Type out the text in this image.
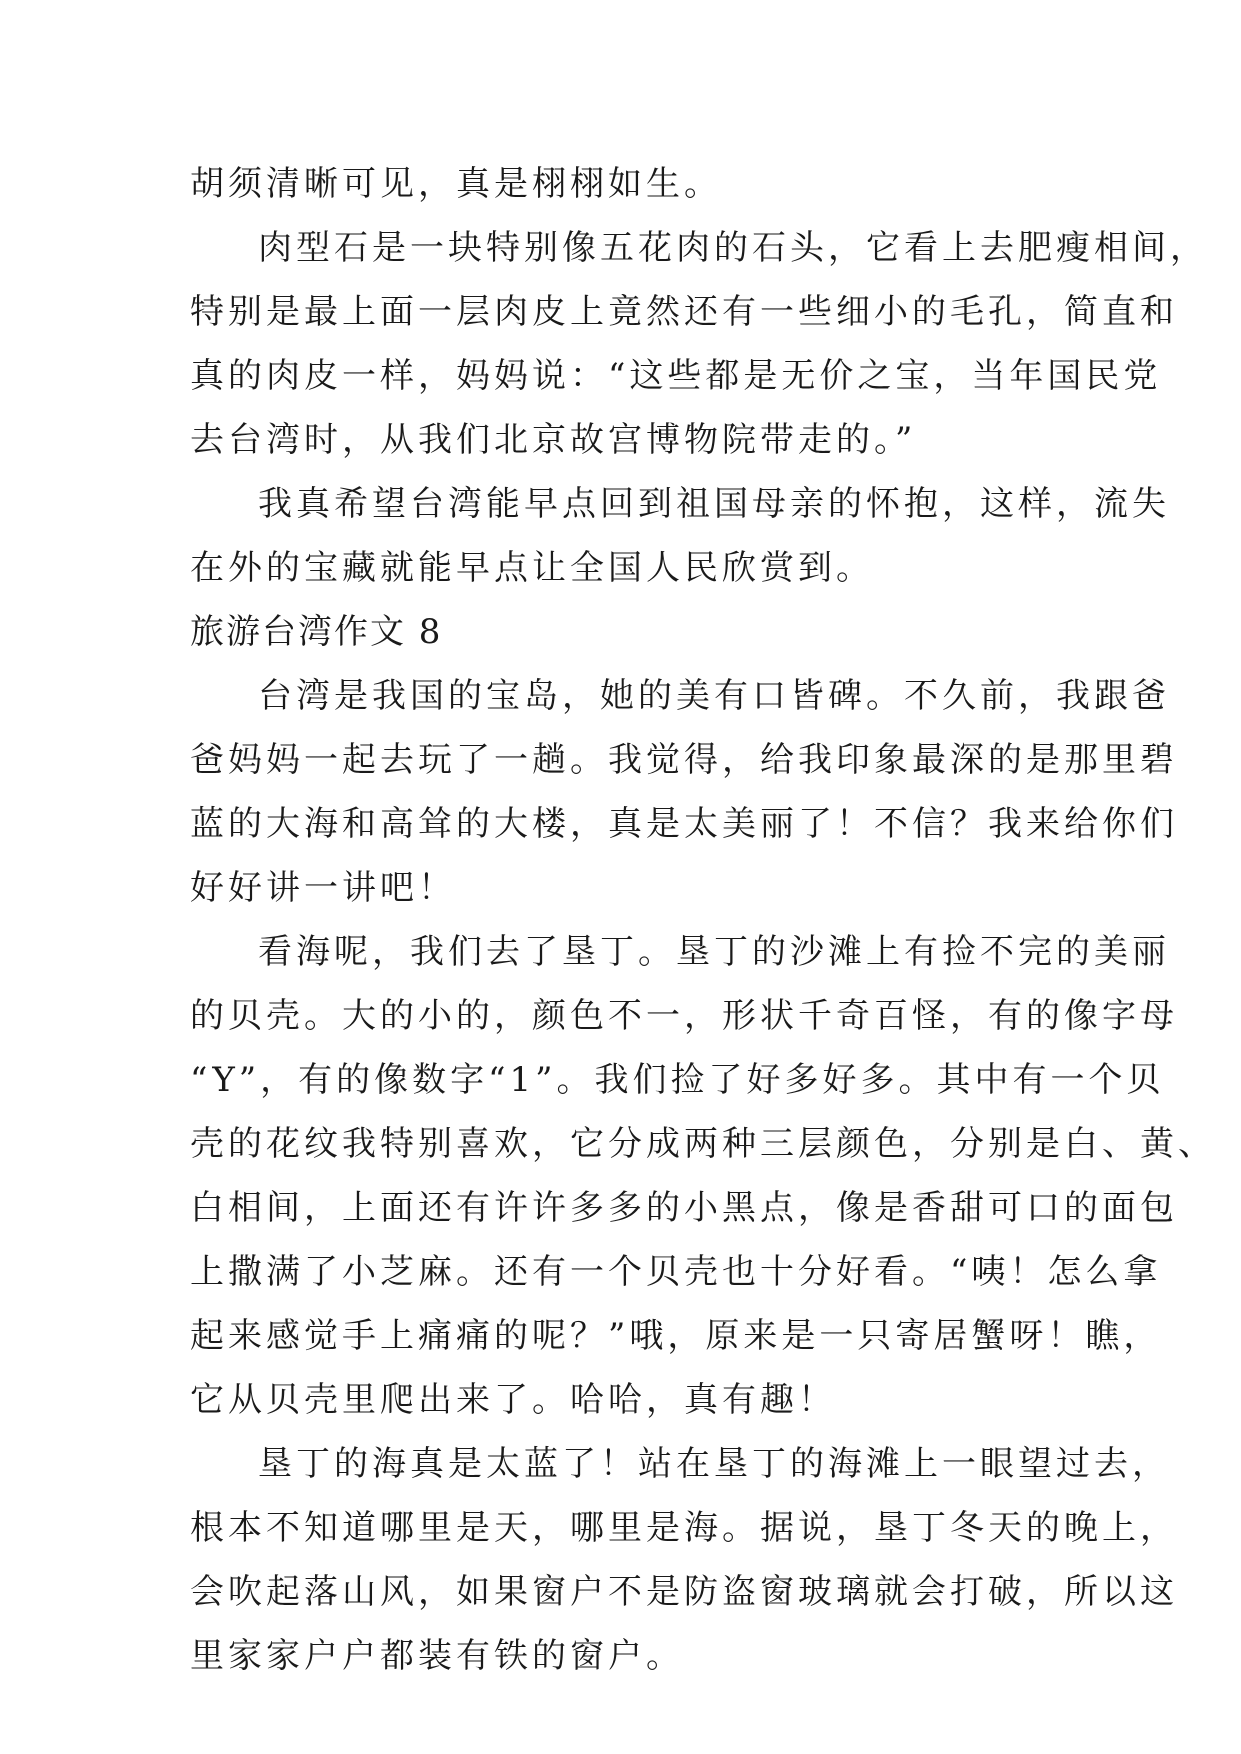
胡须清晰可见，真是栩栩如生。
肉型石是一块特别像五花肉的石头，它看上去肥瘦相间，
特别是最上面一层肉皮上竟然还有一些细小的毛孔，简直和
真的肉皮一样，妈妈说：“这些都是无价之宝，当年国民党
去台湾时，从我们北京故宫博物院带走的。”
我真希望台湾能早点回到祖国母亲的怀抱，这样，流失
在外的宝藏就能早点让全国人民欣赏到。
旅游台湾作文 8
台湾是我国的宝岛，她的美有口皆碑。不久前，我跟爸
爸妈妈一起去玩了一趟。我觉得，给我印象最深的是那里碧
蓝的大海和高耸的大楼，真是太美丽了！不信？我来给你们
好好讲一讲吧！
看海呢，我们去了垦丁。垦丁的沙滩上有捡不完的美丽
的贝壳。大的小的，颜色不一，形状千奇百怪，有的像字母
“Y”，有的像数字“1”。我们捡了好多好多。其中有一个贝
壳的花纹我特别喜欢，它分成两种三层颜色，分别是白、黄、
白相间，上面还有许许多多的小黑点，像是香甜可口的面包
上撒满了小芝麻。还有一个贝壳也十分好看。“咦！怎么拿
起来感觉手上痛痛的呢？”哦，原来是一只寄居蟹呀！瞧，
它从贝壳里爬出来了。哈哈，真有趣！
垦丁的海真是太蓝了！站在垦丁的海滩上一眼望过去，
根本不知道哪里是天，哪里是海。据说，垦丁冬天的晚上，
会吹起落山风，如果窗户不是防盗窗玻璃就会打破，所以这
里家家户户都装有铁的窗户。
